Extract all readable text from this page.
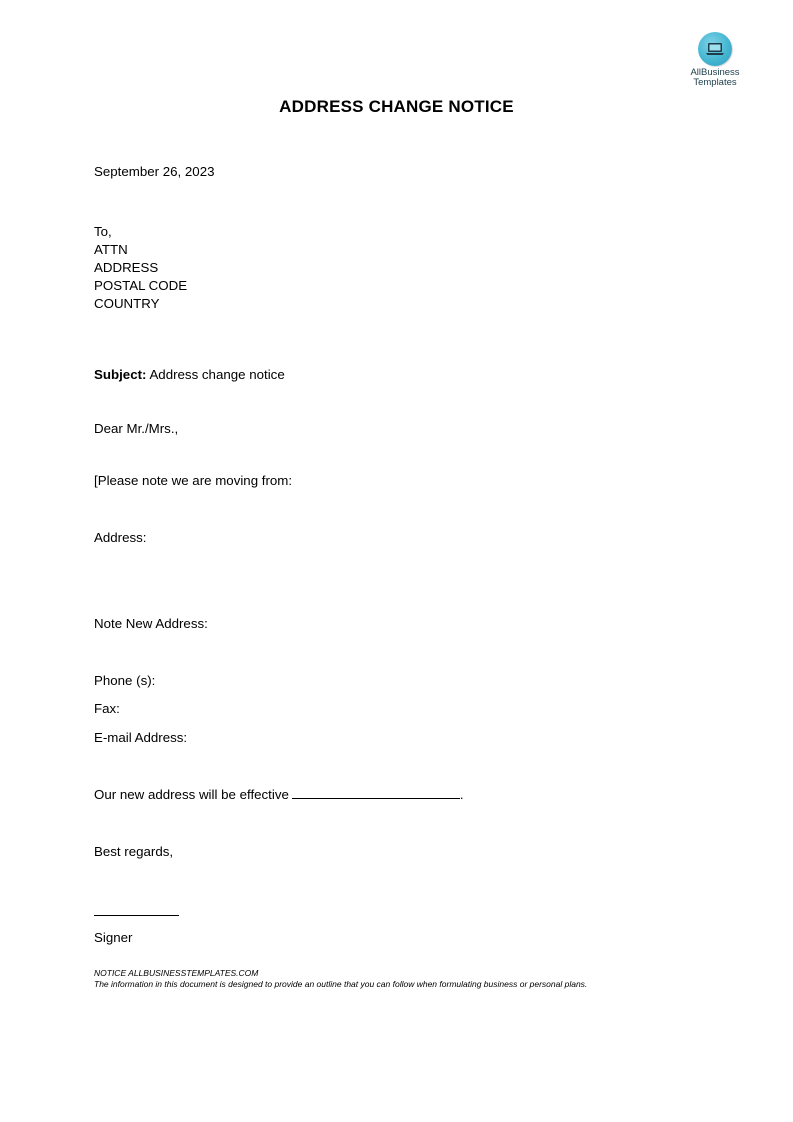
AllBusiness
Templates
ADDRESS CHANGE NOTICE
September 26, 2023
To,
ATTN
ADDRESS
POSTAL CODE
COUNTRY
Subject: Address change notice
Dear Mr./Mrs.,
[Please note we are moving from:
Address:
Note New Address:
Phone (s):
Fax:
E-mail Address:
Our new address will be effective	.
Best regards,
Signer
NOTICE ALLBUSINESSTEMPLATES.COM
The information in this document is designed to provide an outline that you can follow when formulating business or personal plans.
